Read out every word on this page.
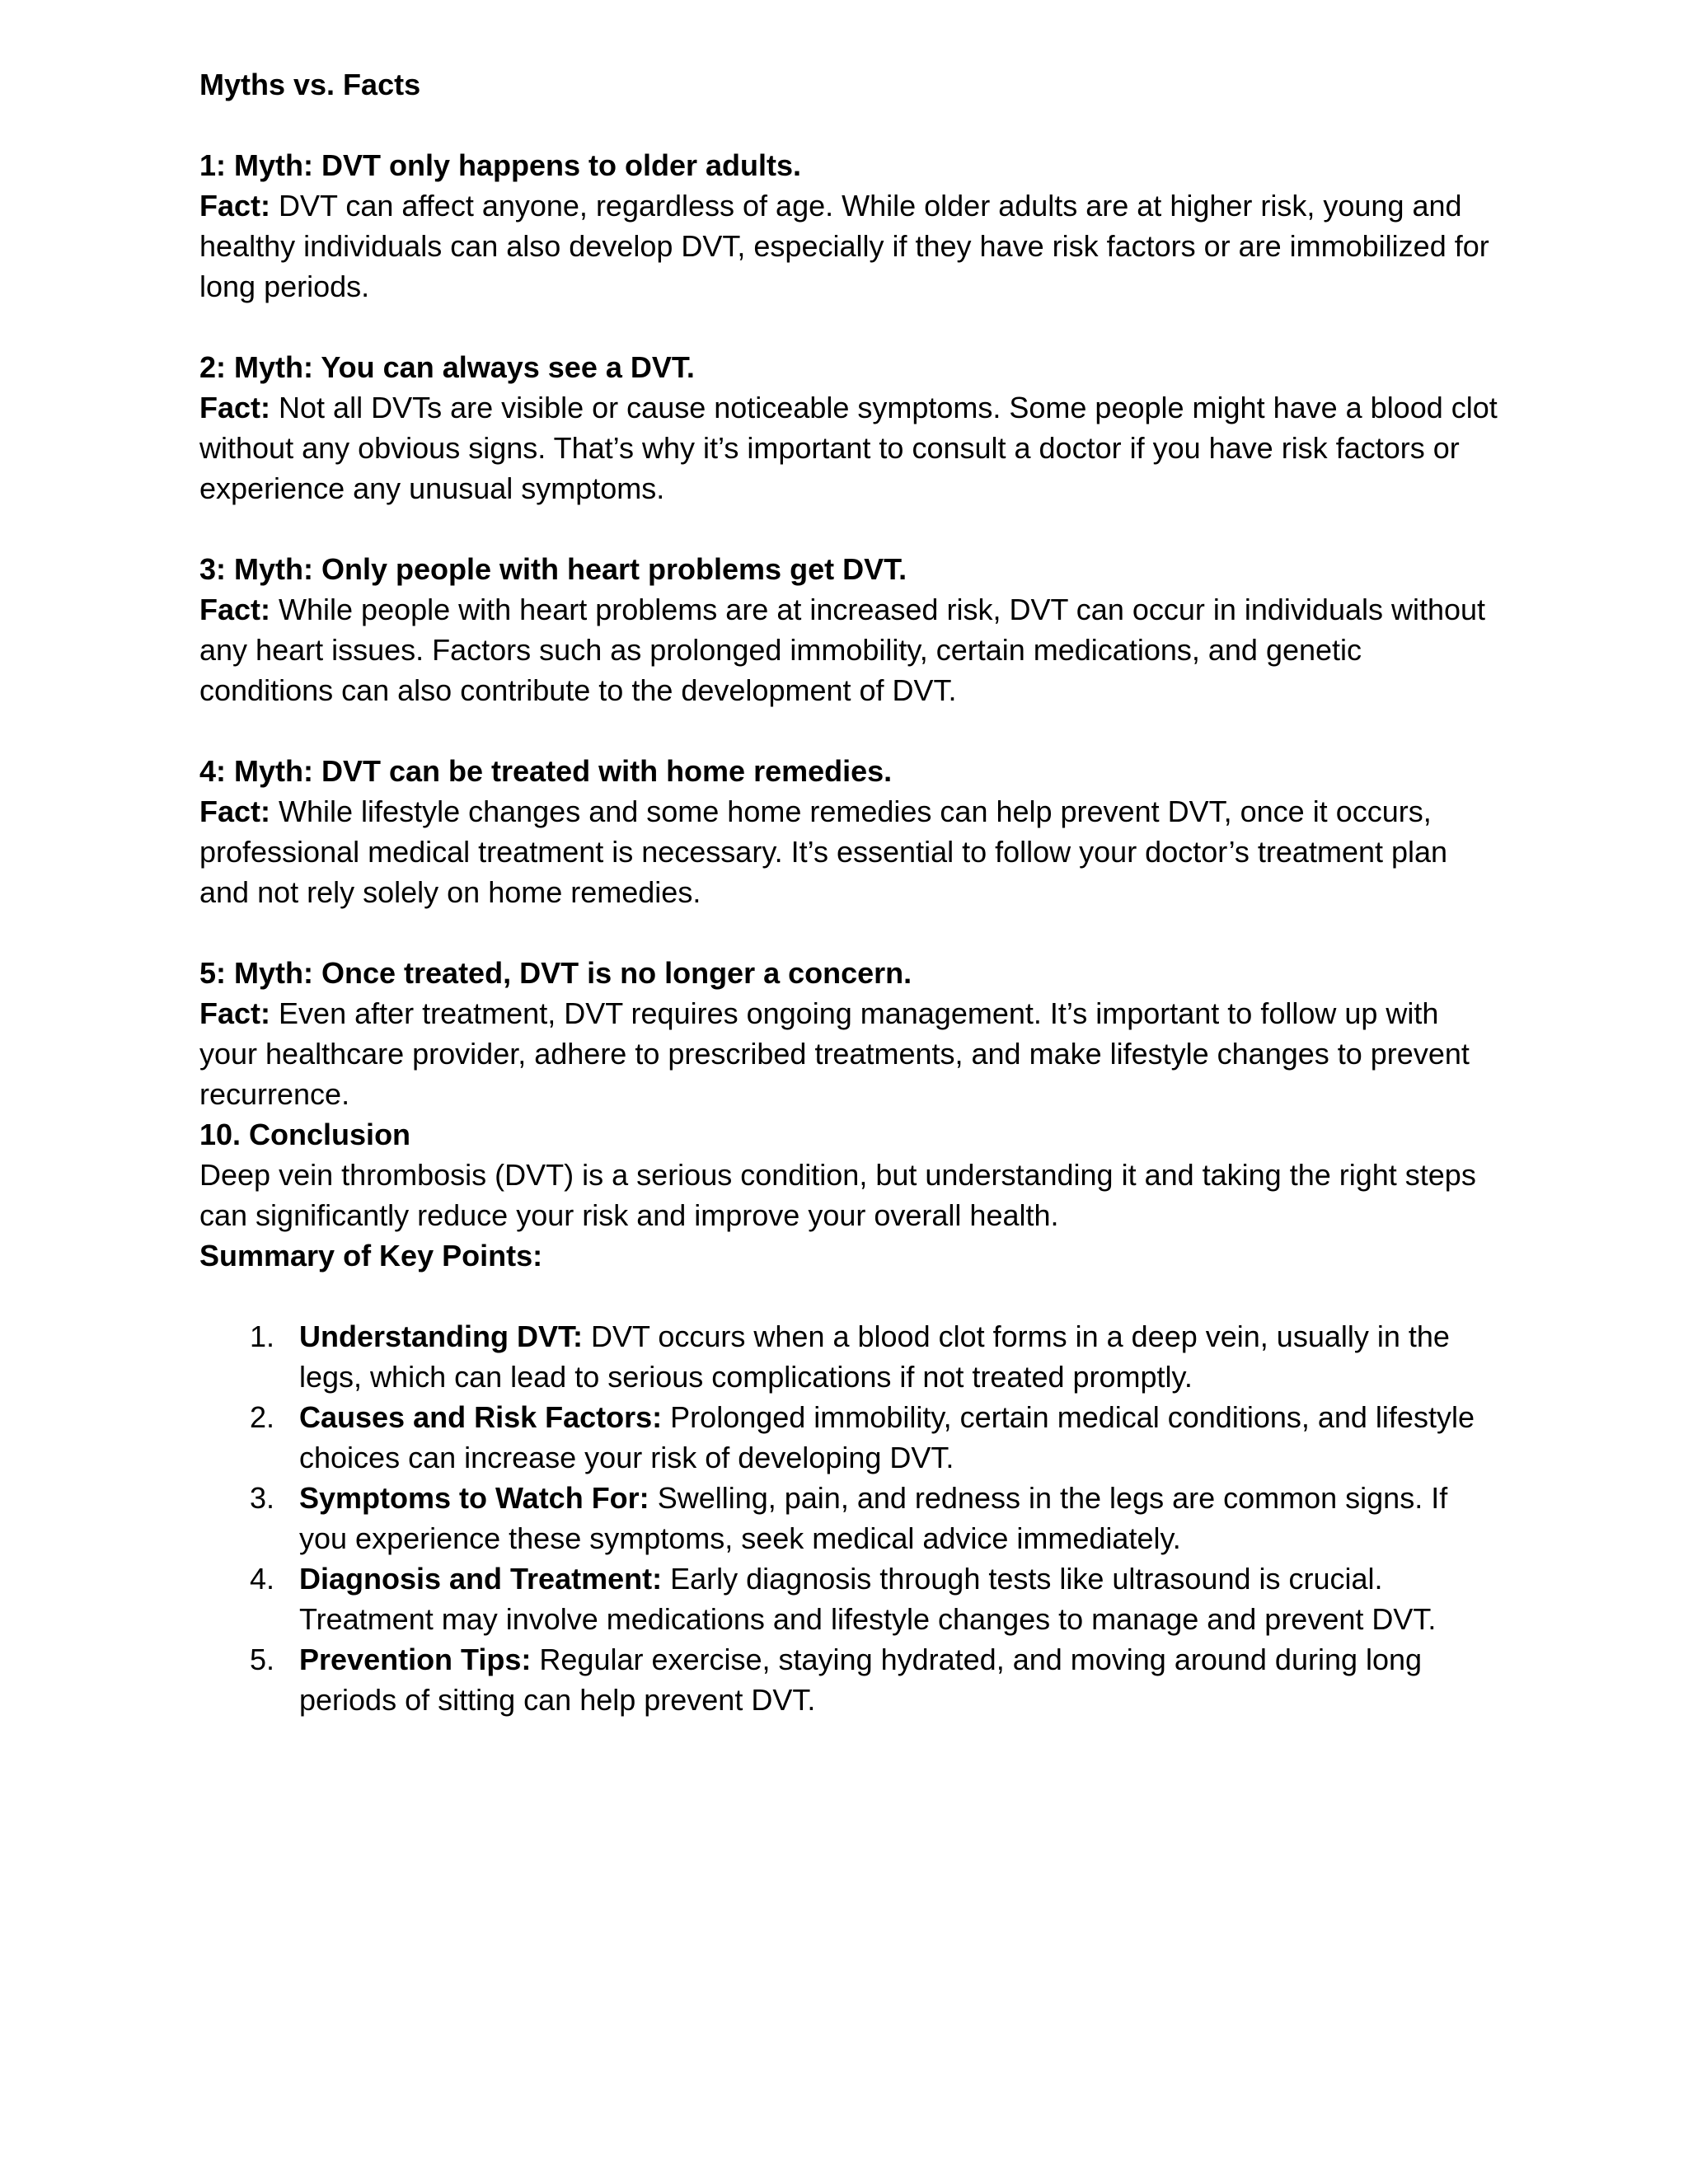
Myths vs. Facts

1: Myth: DVT only happens to older adults.

Fact: DVT can affect anyone, regardless of age. While older adults are at higher risk, young and healthy individuals can also develop DVT, especially if they have risk factors or are immobilized for long periods.

2: Myth: You can always see a DVT.

Fact: Not all DVTs are visible or cause noticeable symptoms. Some people might have a blood clot without any obvious signs. That’s why it’s important to consult a doctor if you have risk factors or experience any unusual symptoms.

3: Myth: Only people with heart problems get DVT.

Fact: While people with heart problems are at increased risk, DVT can occur in individuals without any heart issues. Factors such as prolonged immobility, certain medications, and genetic conditions can also contribute to the development of DVT.

4: Myth: DVT can be treated with home remedies.

Fact: While lifestyle changes and some home remedies can help prevent DVT, once it occurs, professional medical treatment is necessary. It’s essential to follow your doctor’s treatment plan and not rely solely on home remedies.

5: Myth: Once treated, DVT is no longer a concern.

Fact: Even after treatment, DVT requires ongoing management. It’s important to follow up with your healthcare provider, adhere to prescribed treatments, and make lifestyle changes to prevent recurrence.

10. Conclusion

Deep vein thrombosis (DVT) is a serious condition, but understanding it and taking the right steps can significantly reduce your risk and improve your overall health.

Summary of Key Points:

1. Understanding DVT: DVT occurs when a blood clot forms in a deep vein, usually in the legs, which can lead to serious complications if not treated promptly.
2. Causes and Risk Factors: Prolonged immobility, certain medical conditions, and lifestyle choices can increase your risk of developing DVT.
3. Symptoms to Watch For: Swelling, pain, and redness in the legs are common signs. If you experience these symptoms, seek medical advice immediately.
4. Diagnosis and Treatment: Early diagnosis through tests like ultrasound is crucial. Treatment may involve medications and lifestyle changes to manage and prevent DVT.
5. Prevention Tips: Regular exercise, staying hydrated, and moving around during long periods of sitting can help prevent DVT.
